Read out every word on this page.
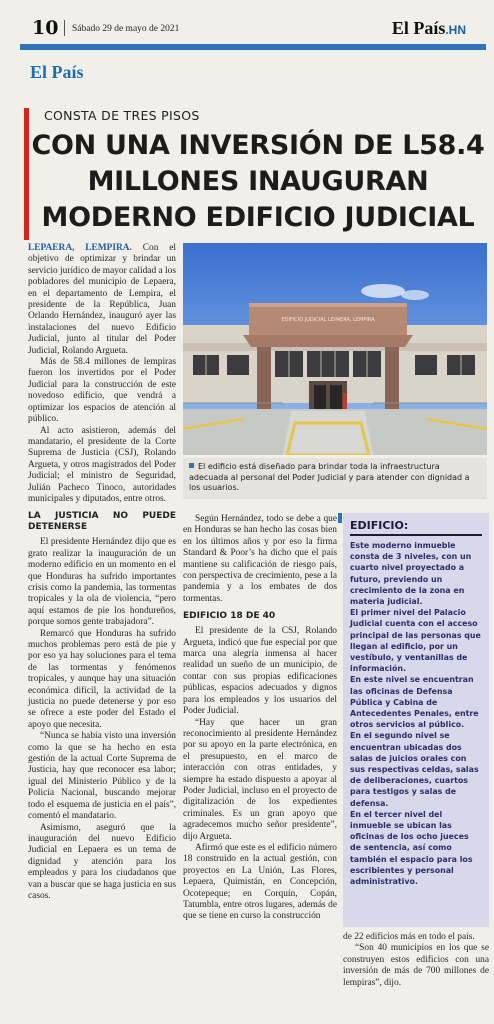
10 Sábado 29 de mayo de 2021	El País.HN
El País
CONSTA DE TRES PISOS
CON UNA INVERSIÓN DE L58.4 MILLONES INAUGURAN MODERNO EDIFICIO JUDICIAL

LEPAERA, LEMPIRA. Con el objetivo de optimizar y brindar un servicio jurídico de mayor calidad a los pobladores del municipio de Lepaera, en el departamento de Lempira, el presidente de la República, Juan Orlando Hernández, inauguró ayer las instalaciones del nuevo Edificio Judicial, junto al titular del Poder Judicial, Rolando Argueta.

Más de 58.4 millones de lempiras fueron los invertidos por el Poder Judicial para la construcción de este novedoso edificio, que vendrá a optimizar los espacios de atención al público.

Al acto asistieron, además del mandatario, el presidente de la Corte Suprema de Justicia (CSJ), Rolando Argueta, y otros magistrados del Poder Judicial; el ministro de Seguridad, Julián Pacheco Tinoco, autoridades municipales y diputados, entre otros.

LA JUSTICIA NO PUEDE DETENERSE

El presidente Hernández dijo que es grato realizar la inauguración de un moderno edificio en un momento en el que Honduras ha sufrido importantes crisis como la pandemia, las tormentas tropicales y la ola de violencia, “pero aquí estamos de pie los hondureños, porque somos gente trabajadora”.

Remarcó que Honduras ha sufrido muchos problemas pero está de pie y por eso ya hay soluciones para el tema de las tormentas y fenómenos tropicales, y aunque hay una situación económica difícil, la actividad de la justicia no puede detenerse y por eso se ofrece a este poder del Estado el apoyo que necesita.

“Nunca se había visto una inversión como la que se ha hecho en esta gestión de la actual Corte Suprema de Justicia, hay que reconocer esa labor; igual del Ministerio Público y de la Policía Nacional, buscando mejorar todo el esquema de justicia en el país”, comentó el mandatario.

Asimismo, aseguró que la inauguración del nuevo Edificio Judicial en Lepaera es un tema de dignidad y atención para los empleados y para los ciudadanos que van a buscar que se haga justicia en sus casos.

EDIFICIO JUDICIAL LEPAERA, LEMPIRA
El edificio está diseñado para brindar toda la infraestructura adecuada al personal del Poder Judicial y para atender con dignidad a los usuarios.

Según Hernández, todo se debe a que en Honduras se han hecho las cosas bien en los últimos años y por eso la firma Standard & Poor’s ha dicho que el país mantiene su calificación de riesgo país, con perspectiva de crecimiento, pese a la pandemia y a los embates de dos tormentas.

EDIFICIO 18 DE 40

El presidente de la CSJ, Rolando Argueta, indicó que fue especial por que marca una alegría inmensa al hacer realidad un sueño de un municipio, de contar con sus propias edificaciones públicas, espacios adecuados y dignos para los empleados y los usuarios del Poder Judicial.

“Hay que hacer un gran reconocimiento al presidente Hernández por su apoyo en la parte electrónica, en el presupuesto, en el marco de interacción con otras entidades, y siempre ha estado dispuesto a apoyar al Poder Judicial, incluso en el proyecto de digitalización de los expedientes criminales. Es un gran apoyo que agradecemos mucho señor presidente”, dijo Argueta.

Afirmó que este es el edificio número 18 construido en la actual gestión, con proyectos en La Unión, Las Flores, Lepaera, Quimistán, en Concepción, Ocotepeque; en Corquín, Copán, Tatumbla, entre otros lugares, además de que se tiene en curso la construcción

EDIFICIO:

Este moderno inmueble consta de 3 niveles, con un cuarto nivel proyectado a futuro, previendo un crecimiento de la zona en materia judicial.

El primer nivel del Palacio Judicial cuenta con el acceso principal de las personas que llegan al edificio, por un vestíbulo, y ventanillas de información.

En este nivel se encuentran las oficinas de Defensa Pública y Cabina de Antecedentes Penales, entre otros servicios al público.

En el segundo nivel se encuentran ubicadas dos salas de juicios orales con sus respectivas celdas, salas de deliberaciones, cuartos para testigos y salas de defensa.

En el tercer nivel del inmueble se ubican las oficinas de los ocho jueces de sentencia, así como también el espacio para los escribientes y personal administrativo.

de 22 edificios más en todo el país.

“Son 40 municipios en los que se construyen estos edificios con una inversión de más de 700 millones de lempiras”, dijo.
